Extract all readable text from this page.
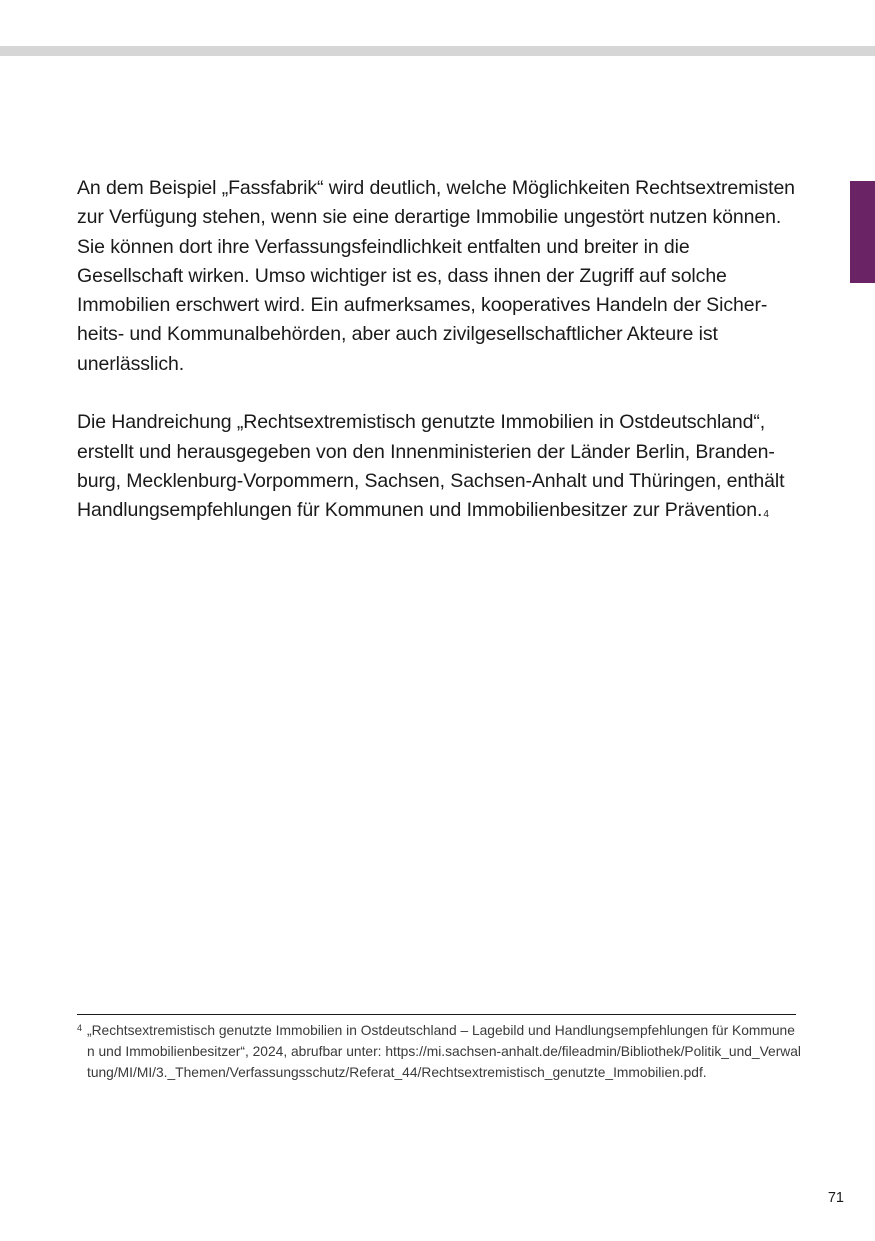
An dem Beispiel „Fassfabrik“ wird deutlich, welche Möglichkeiten Rechtsextremisten zur Verfügung stehen, wenn sie eine derartige Immobilie ungestört nutzen können. Sie können dort ihre Verfassungsfeindlichkeit entfalten und breiter in die Gesellschaft wirken. Umso wichtiger ist es, dass ihnen der Zugriff auf solche Immobilien erschwert wird. Ein aufmerksames, kooperatives Handeln der Sicherheits- und Kommunalbehörden, aber auch zivilgesellschaftlicher Akteure ist unerlässlich.

Die Handreichung „Rechtsextremistisch genutzte Immobilien in Ostdeutschland“, erstellt und herausgegeben von den Innenministerien der Länder Berlin, Brandenburg, Mecklenburg-Vorpommern, Sachsen, Sachsen-Anhalt und Thüringen, enthält Handlungsempfehlungen für Kommunen und Immobilienbesitzer zur Prävention.$^4$

4 „Rechtsextremistisch genutzte Immobilien in Ostdeutschland – Lagebild und Handlungsempfehlungen für Kommunen und Immobilienbesitzer“, 2024, abrufbar unter: https://mi.sachsen-anhalt.de/fileadmin/Bibliothek/Politik_und_Verwaltung/MI/MI/3._Themen/Verfassungsschutz/Referat_44/Rechtsextremistisch_genutzte_Immobilien.pdf.
71
